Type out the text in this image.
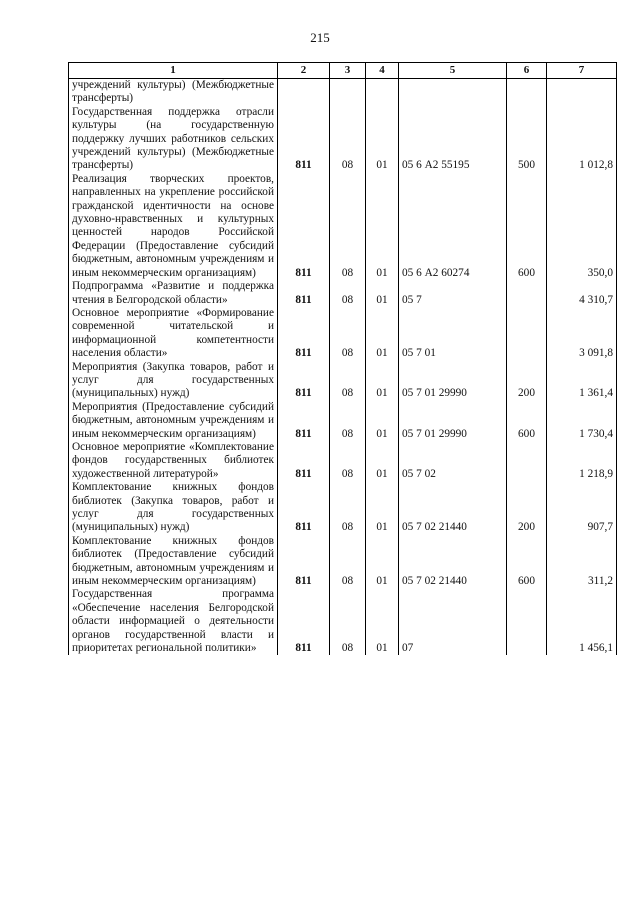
215
1	2	3	4	5	6	7
учреждений культуры) (Межбюджетные трансферты)						
Государственная поддержка отрасли культуры (на государственную поддержку лучших работников сельских учреждений культуры) (Межбюджетные трансферты)	811	08	01	05 6 А2 55195	500	1 012,8
Реализация творческих проектов, направленных на укрепление российской гражданской идентичности на основе духовно-нравственных и культурных ценностей народов Российской Федерации (Предоставление субсидий бюджетным, автономным учреждениям и иным некоммерческим организациям)	811	08	01	05 6 А2 60274	600	350,0
Подпрограмма «Развитие и поддержка чтения в Белгородской области»	811	08	01	05 7		4 310,7
Основное мероприятие «Формирование современной читательской и информационной компетентности населения области»	811	08	01	05 7 01		3 091,8
Мероприятия (Закупка товаров, работ и услуг для государственных (муниципальных) нужд)	811	08	01	05 7 01 29990	200	1 361,4
Мероприятия (Предоставление субсидий бюджетным, автономным учреждениям и иным некоммерческим организациям)	811	08	01	05 7 01 29990	600	1 730,4
Основное мероприятие «Комплектование фондов государственных библиотек художественной литературой»	811	08	01	05 7 02		1 218,9
Комплектование книжных фондов библиотек (Закупка товаров, работ и услуг для государственных (муниципальных) нужд)	811	08	01	05 7 02 21440	200	907,7
Комплектование книжных фондов библиотек (Предоставление субсидий бюджетным, автономным учреждениям и иным некоммерческим организациям)	811	08	01	05 7 02 21440	600	311,2
Государственная программа «Обеспечение населения Белгородской области информацией о деятельности органов государственной власти и приоритетах региональной политики»	811	08	01	07		1 456,1
